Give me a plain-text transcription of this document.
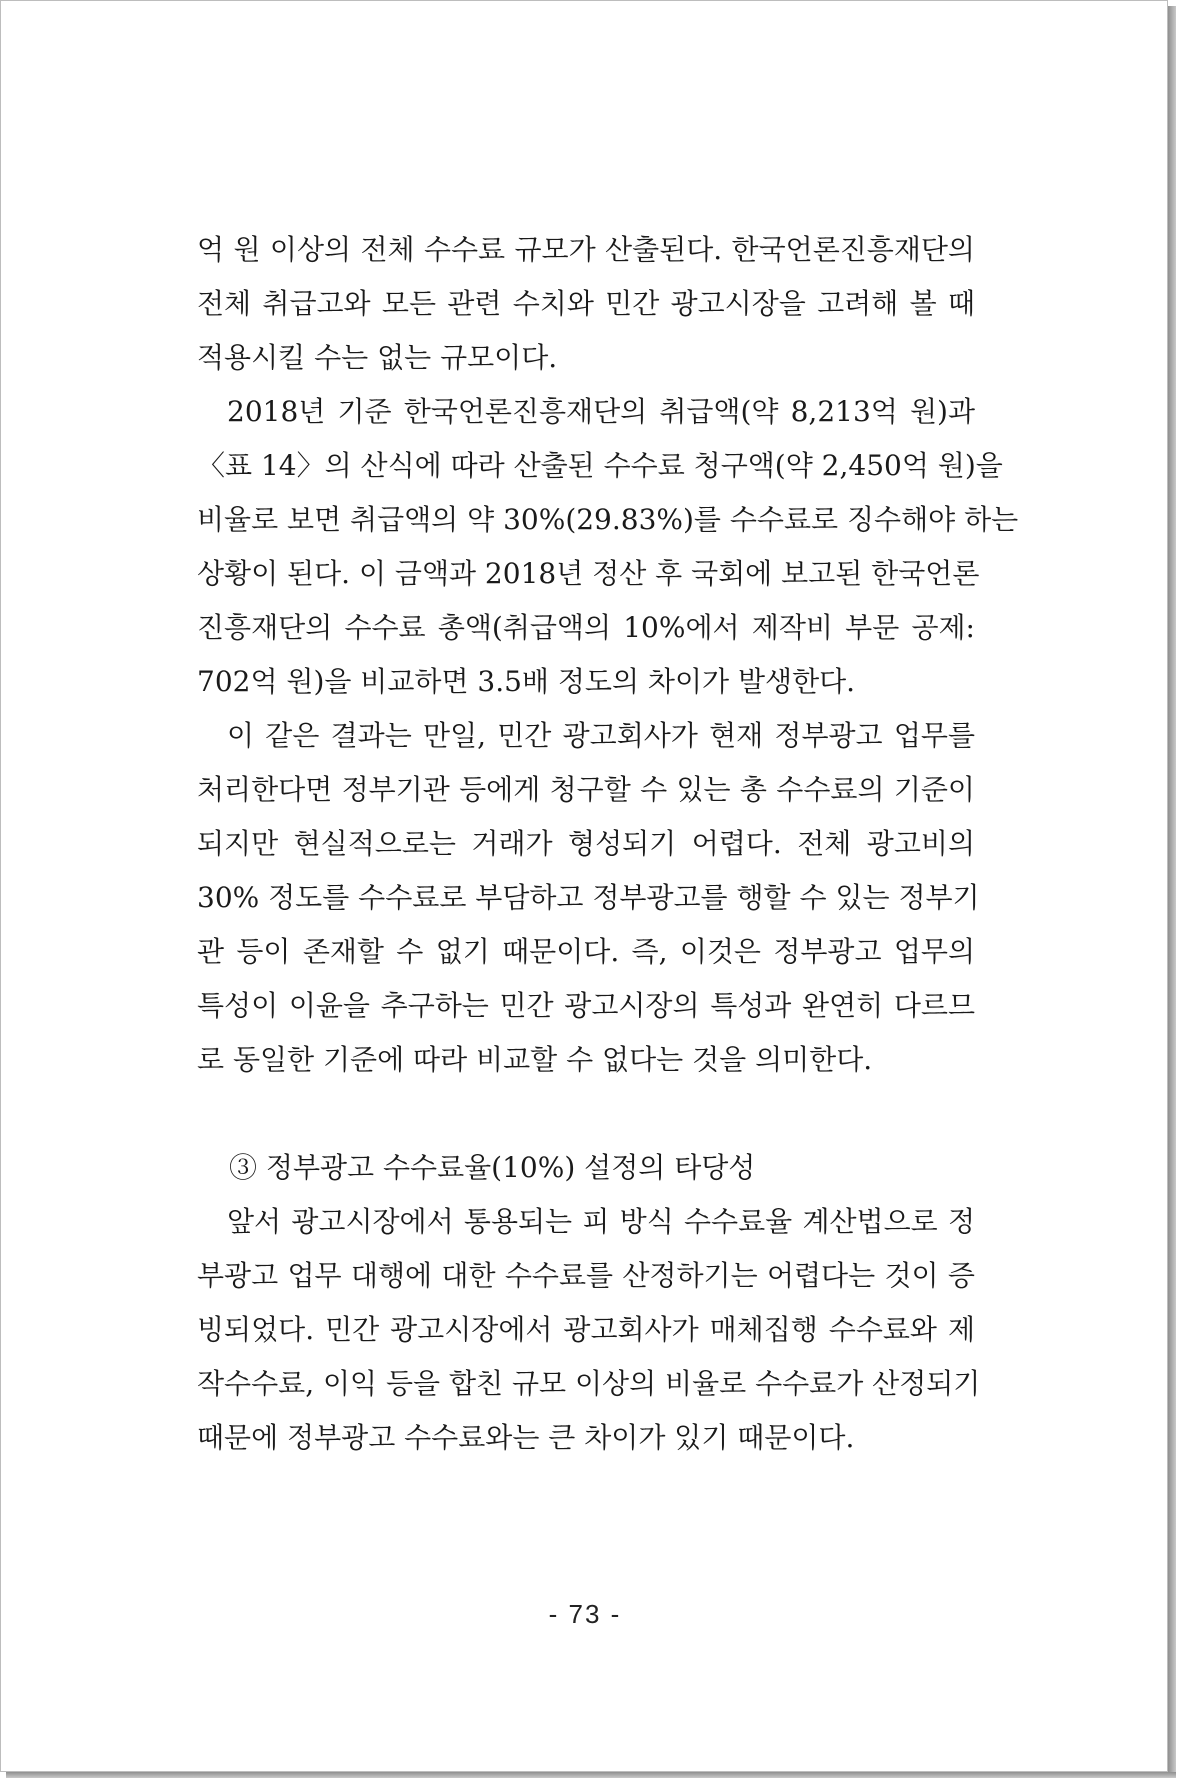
억 원 이상의 전체 수수료 규모가 산출된다. 한국언론진흥재단의
전체 취급고와 모든 관련 수치와 민간 광고시장을 고려해 볼 때
적용시킬 수는 없는 규모이다.
2018년 기준 한국언론진흥재단의 취급액(약 8,213억 원)과
〈표 14〉의 산식에 따라 산출된 수수료 청구액(약 2,450억 원)을
비율로 보면 취급액의 약 30%(29.83%)를 수수료로 징수해야 하는
상황이 된다. 이 금액과 2018년 정산 후 국회에 보고된 한국언론
진흥재단의 수수료 총액(취급액의 10%에서 제작비 부문 공제:
702억 원)을 비교하면 3.5배 정도의 차이가 발생한다.
이 같은 결과는 만일, 민간 광고회사가 현재 정부광고 업무를
처리한다면 정부기관 등에게 청구할 수 있는 총 수수료의 기준이
되지만 현실적으로는 거래가 형성되기 어렵다. 전체 광고비의
30% 정도를 수수료로 부담하고 정부광고를 행할 수 있는 정부기
관 등이 존재할 수 없기 때문이다. 즉, 이것은 정부광고 업무의
특성이 이윤을 추구하는 민간 광고시장의 특성과 완연히 다르므
로 동일한 기준에 따라 비교할 수 없다는 것을 의미한다.
③ 정부광고 수수료율(10%) 설정의 타당성
앞서 광고시장에서 통용되는 피 방식 수수료율 계산법으로 정
부광고 업무 대행에 대한 수수료를 산정하기는 어렵다는 것이 증
빙되었다. 민간 광고시장에서 광고회사가 매체집행 수수료와 제
작수수료, 이익 등을 합친 규모 이상의 비율로 수수료가 산정되기
때문에 정부광고 수수료와는 큰 차이가 있기 때문이다.
- 73 -
